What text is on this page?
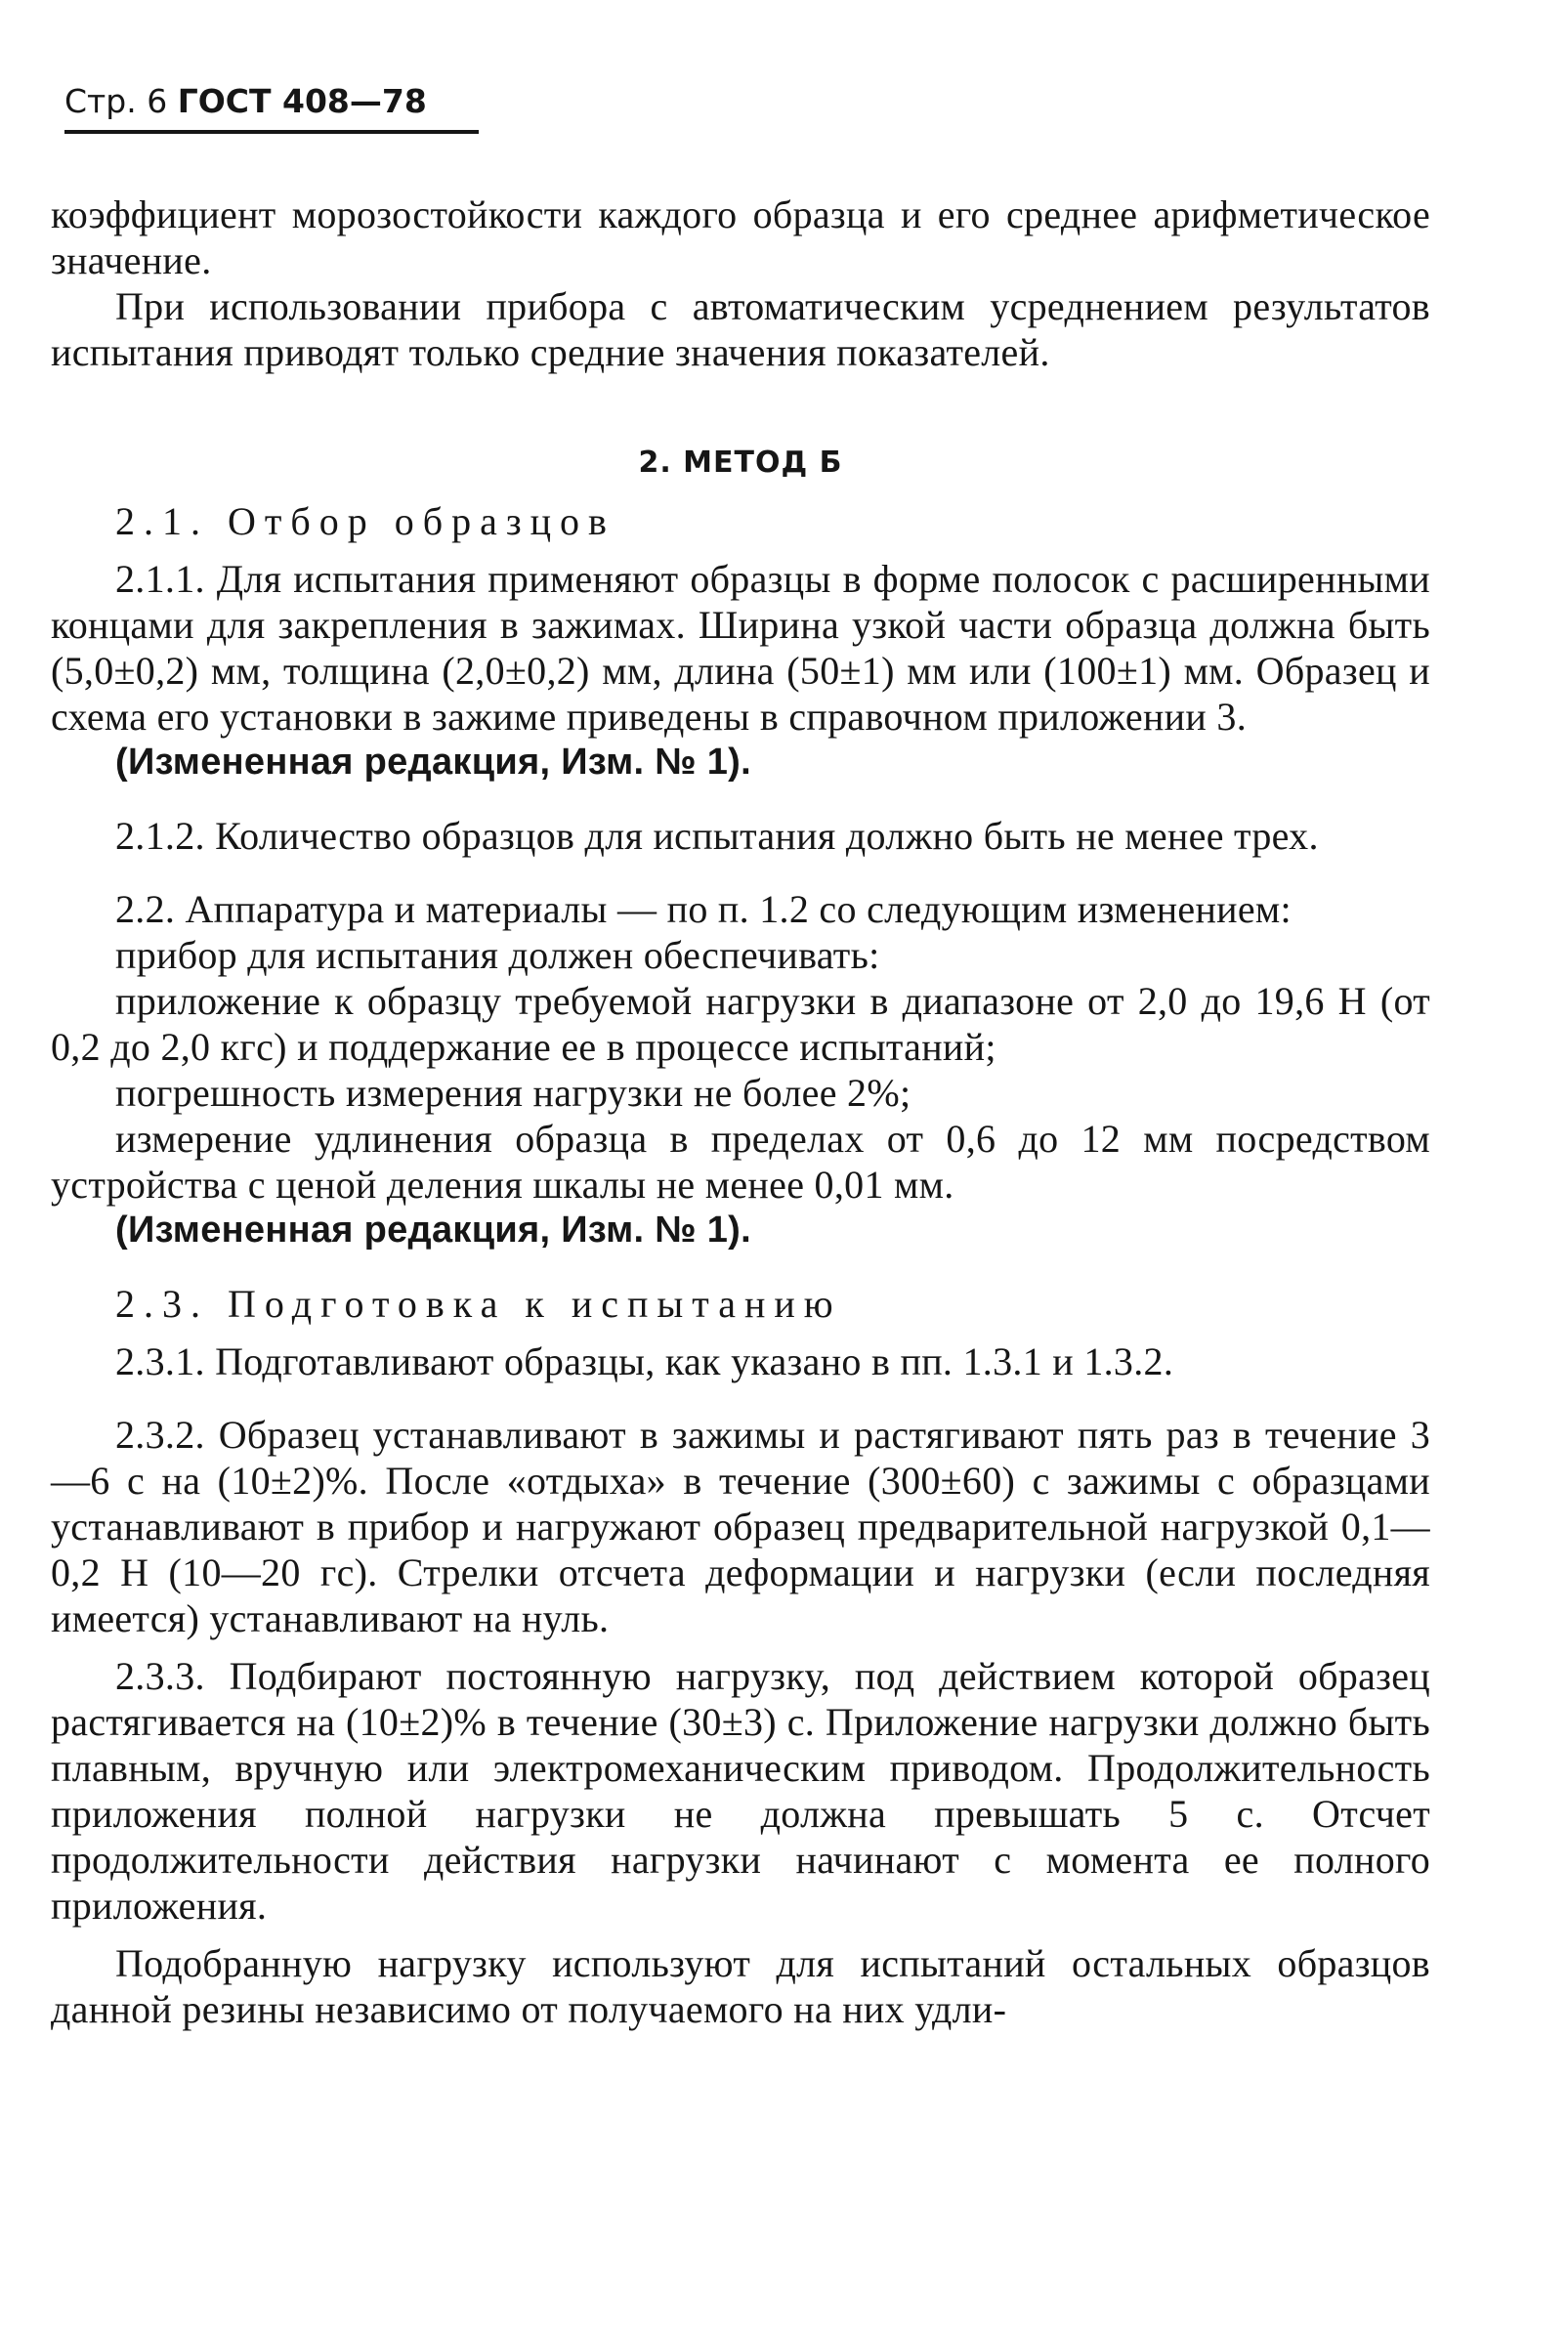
Стр. 6 ГОСТ 408—78

коэффициент морозостойкости каждого образца и его среднее арифметическое значение.

При использовании прибора с автоматическим усреднением результатов испытания приводят только средние значения показателей.

2. МЕТОД Б

2.1. Отбор образцов

2.1.1. Для испытания применяют образцы в форме полосок с расширенными концами для закрепления в зажимах. Ширина узкой части образца должна быть (5,0±0,2) мм, толщина (2,0±0,2) мм, длина (50±1) мм или (100±1) мм. Образец и схема его установки в зажиме приведены в справочном приложении 3.

(Измененная редакция, Изм. № 1).

2.1.2. Количество образцов для испытания должно быть не менее трех.

2.2. Аппаратура и материалы — по п. 1.2 со следующим изменением:

прибор для испытания должен обеспечивать:

приложение к образцу требуемой нагрузки в диапазоне от 2,0 до 19,6 Н (от 0,2 до 2,0 кгс) и поддержание ее в процессе испытаний;

погрешность измерения нагрузки не более 2%;

измерение удлинения образца в пределах от 0,6 до 12 мм посредством устройства с ценой деления шкалы не менее 0,01 мм.

(Измененная редакция, Изм. № 1).

2.3. Подготовка к испытанию

2.3.1. Подготавливают образцы, как указано в пп. 1.3.1 и 1.3.2.

2.3.2. Образец устанавливают в зажимы и растягивают пять раз в течение 3—6 с на (10±2)%. После «отдыха» в течение (300±60) с зажимы с образцами устанавливают в прибор и нагружают образец предварительной нагрузкой 0,1—0,2 Н (10—20 гс). Стрелки отсчета деформации и нагрузки (если последняя имеется) устанавливают на нуль.

2.3.3. Подбирают постоянную нагрузку, под действием которой образец растягивается на (10±2)% в течение (30±3) с. Приложение нагрузки должно быть плавным, вручную или электромеханическим приводом. Продолжительность приложения полной нагрузки не должна превышать 5 с. Отсчет продолжительности действия нагрузки начинают с момента ее полного приложения.

Подобранную нагрузку используют для испытаний остальных образцов данной резины независимо от получаемого на них удли-
